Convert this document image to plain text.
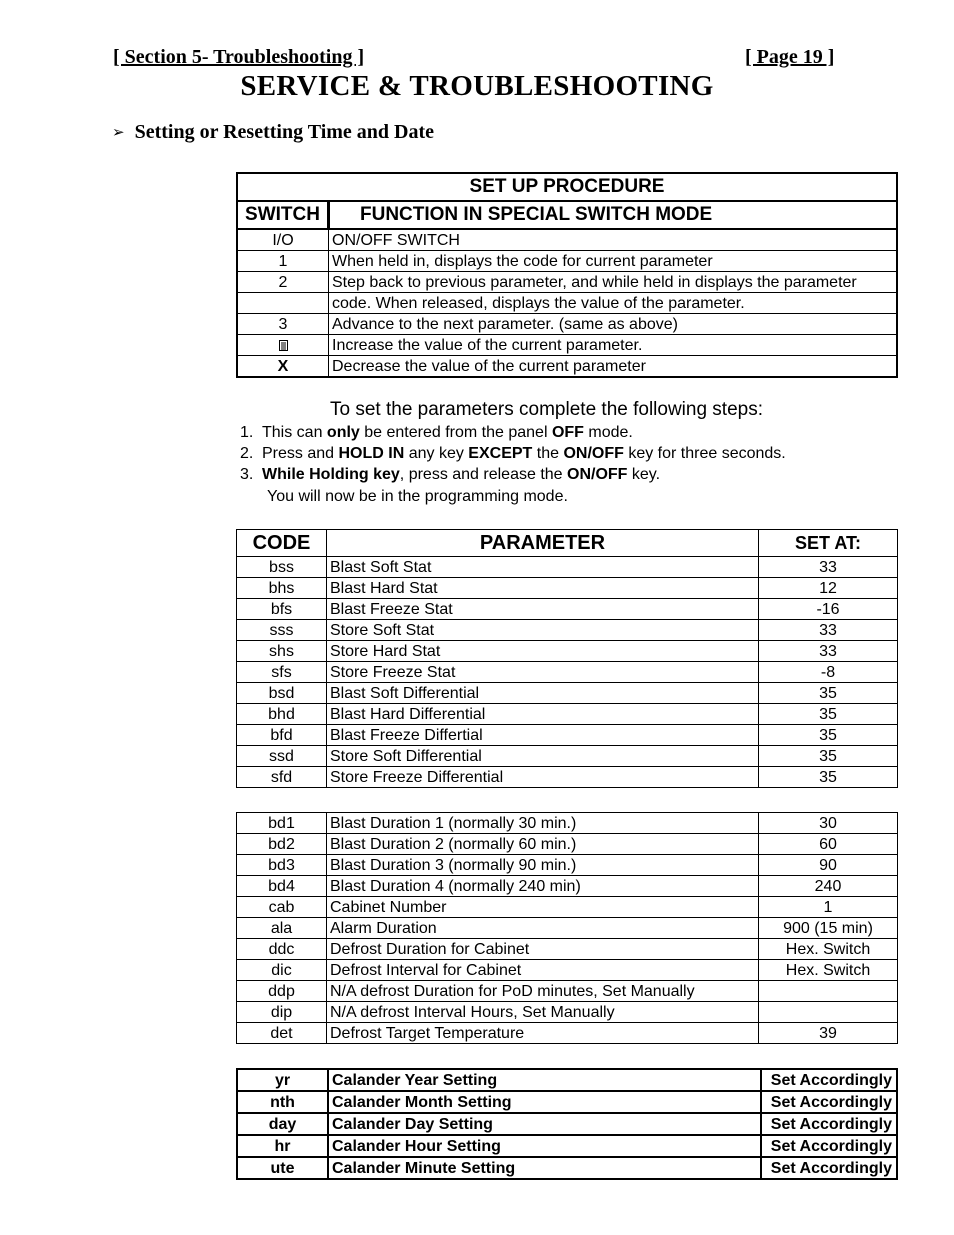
[ Section 5- Troubleshooting ]	[ Page 19 ]
SERVICE & TROUBLESHOOTING
➢ Setting or Resetting Time and Date
SET UP PROCEDURE	
SWITCH	FUNCTION IN SPECIAL SWITCH MODE
I/O	ON/OFF SWITCH
1	When held in, displays the code for current parameter
2	Step back to previous parameter, and while held in displays the parameter
	code. When released, displays the value of the parameter.
3	Advance to the next parameter. (same as above)
	Increase the value of the current parameter.
X	Decrease the value of the current parameter
To set the parameters complete the following steps:
1. This can only be entered from the panel OFF mode.
2. Press and HOLD IN any key EXCEPT the ON/OFF key for three seconds.
3. While Holding key, press and release the ON/OFF key.
You will now be in the programming mode.
CODE	PARAMETER	SET AT:
bss	Blast Soft Stat	33
bhs	Blast Hard Stat	12
bfs	Blast Freeze Stat	-16
sss	Store Soft Stat	33
shs	Store Hard Stat	33
sfs	Store Freeze Stat	-8
bsd	Blast Soft Differential	35
bhd	Blast Hard Differential	35
bfd	Blast Freeze Differtial	35
ssd	Store Soft Differential	35
sfd	Store Freeze Differential	35
bd1	Blast Duration 1 (normally 30 min.)	30
bd2	Blast Duration 2 (normally 60 min.)	60
bd3	Blast Duration 3 (normally 90 min.)	90
bd4	Blast Duration 4 (normally 240 min)	240
cab	Cabinet Number	1
ala	Alarm Duration	900 (15 min)
ddc	Defrost Duration for Cabinet	Hex. Switch
dic	Defrost Interval for Cabinet	Hex. Switch
ddp	N/A defrost Duration for PoD minutes, Set Manually	
dip	N/A defrost Interval Hours, Set Manually	
det	Defrost Target Temperature	39
yr	Calander Year Setting	Set Accordingly
nth	Calander Month Setting	Set Accordingly
day	Calander Day Setting	Set Accordingly
hr	Calander Hour Setting	Set Accordingly
ute	Calander Minute Setting	Set Accordingly
